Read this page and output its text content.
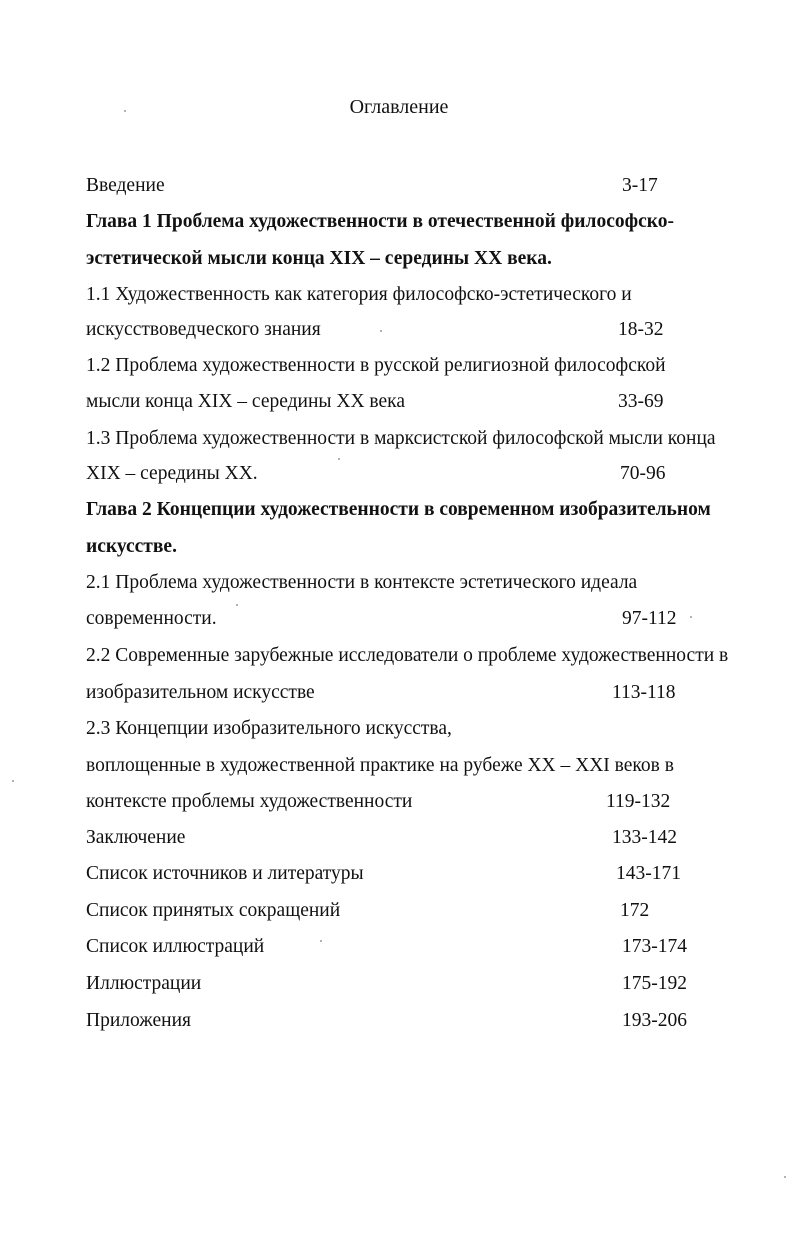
Оглавление
Введение	3-17
Глава 1 Проблема художественности в отечественной философско-
эстетической мысли конца XIX – середины XX века.
1.1 Художественность как категория философско-эстетического и
искусствоведческого знания	18-32
1.2 Проблема художественности в русской религиозной философской
мысли конца XIX – середины XX века	33-69
1.3 Проблема художественности в марксистской философской мысли конца
XIX – середины XX.	70-96
Глава 2 Концепции художественности в современном изобразительном
искусстве.
2.1 Проблема художественности в контексте эстетического идеала
современности.	97-112
2.2 Современные зарубежные исследователи о проблеме художественности в
изобразительном искусстве	113-118
2.3 Концепции изобразительного искусства,
воплощенные в художественной практике на рубеже XX – XXI веков в
контексте проблемы художественности	119-132
Заключение	133-142
Список источников и литературы	143-171
Список принятых сокращений	172
Список иллюстраций	173-174
Иллюстрации	175-192
Приложения	193-206
